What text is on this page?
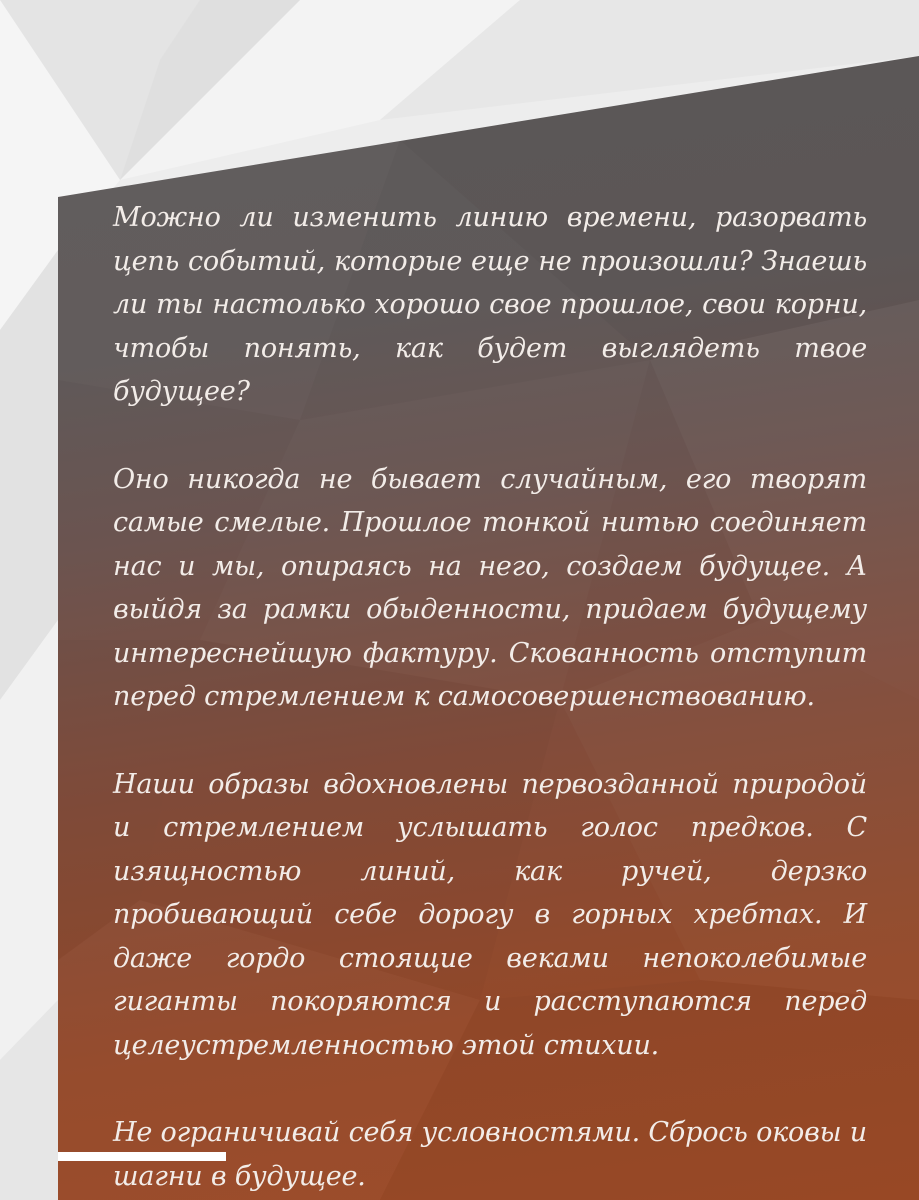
Можно ли изменить линию времени, разорвать цепь событий, которые еще не произошли? Знаешь ли ты настолько хорошо свое прошлое, свои корни, чтобы понять, как будет выглядеть твое будущее?

Оно никогда не бывает случайным, его творят самые смелые. Прошлое тонкой нитью соединяет нас и мы, опираясь на него, создаем будущее. А выйдя за рамки обыденности, придаем будущему интереснейшую фактуру. Скованность отступит перед стремлением к самосовершенствованию.

Наши образы вдохновлены первозданной природой и стремлением услышать голос предков. С изящностью линий, как ручей, дерзко пробивающий себе дорогу в горных хребтах. И даже гордо стоящие веками непоколебимые гиганты покоряются и расступаются перед целеустремленностью этой стихии.

Не ограничивай себя условностями. Сбрось оковы и шагни в будущее.
